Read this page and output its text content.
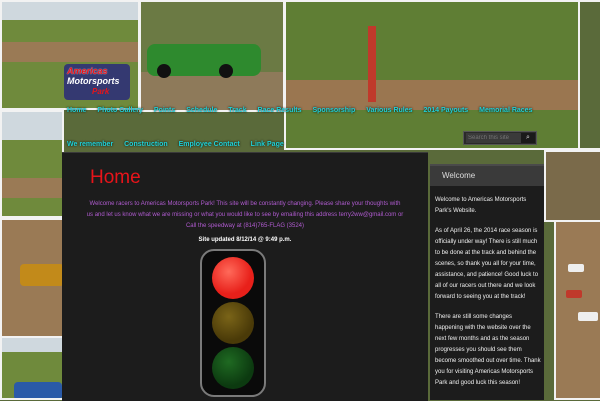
Americas
Motorsports
Park
Home Photo Gallery Points Schedule Track Race Results Sponsorship Various Rules 2014 Payouts Memorial Races
We remember Construction Employee Contact Link Page
Search this site
⌕
Home
Welcome racers to Americas Motorsports Park! This site will be constantly changing. Please share your thoughts with us and let us know what we are missing or what you would like to see by emailing this address terry2ww@gmail.com or Call the speedway at (814)765-FLAG (3524)
Site updated 8/12/14 @ 9:49 p.m.
Welcome

Welcome to Americas Motorsports Park's Website.

As of April 26, the 2014 race season is officially under way! There is still much to be done at the track and behind the scenes, so thank you all for your time, assistance, and patience! Good luck to all of our racers out there and we look forward to seeing you at the track!

There are still some changes happening with the website over the next few months and as the season progresses you should see them become smoothed out over time. Thank you for visiting Americas Motorsports Park and good luck this season!
